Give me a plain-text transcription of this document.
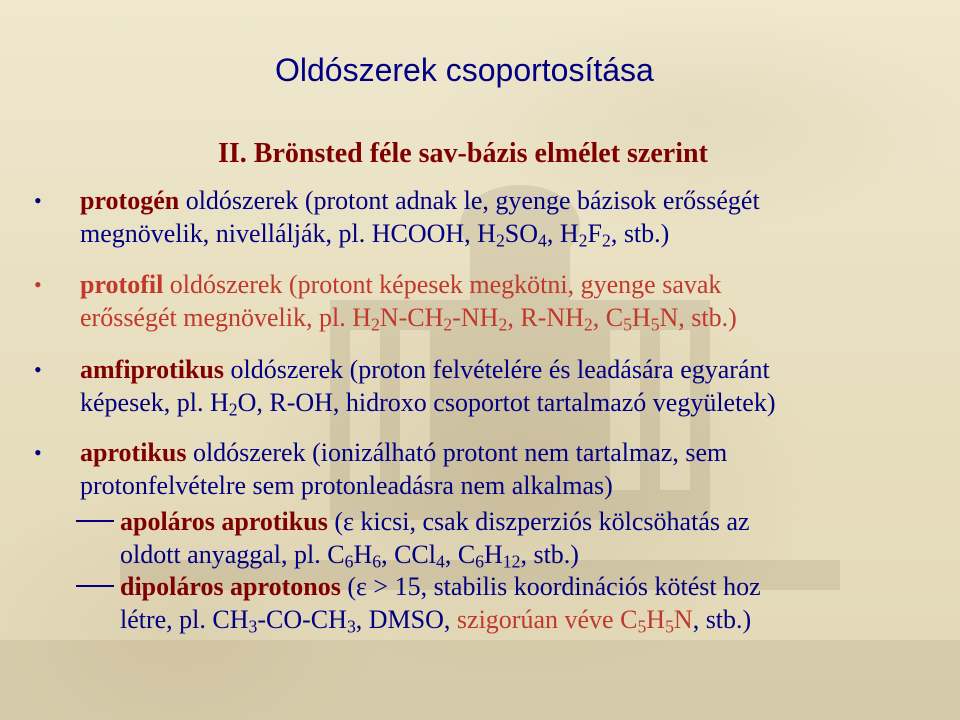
Oldószerek csoportosítása
II. Brönsted féle sav-bázis elmélet szerint

• protogén oldószerek (protont adnak le, gyenge bázisok erősségét
megnövelik, nivellálják, pl. HCOOH, $H_2SO_4$, $H_2F_2$, stb.)

• protofil oldószerek (protont képesek megkötni, gyenge savak
erősségét megnövelik, pl. $H_2N-CH_2-NH_2$, $R-NH_2$, $C_5H_5N$, stb.)

• amfiprotikus oldószerek (proton felvételére és leadására egyaránt
képesek, pl. $H_2O$, R-OH, hidroxo csoportot tartalmazó vegyületek)

• aprotikus oldószerek (ionizálható protont nem tartalmaz, sem
protonfelvételre sem protonleadásra nem alkalmas)

apoláros aprotikus (ε kicsi, csak diszperziós kölcsöhatás az
oldott anyaggal, pl. $C_6H_6$, CCl$_4$, $C_6H_{12}$, stb.)

dipoláros aprotonos (ε > 15, stabilis koordinációs kötést hoz
létre, pl. $CH_3-CO-CH_3$, DMSO, szigorúan véve $C_5H_5N$, stb.)
